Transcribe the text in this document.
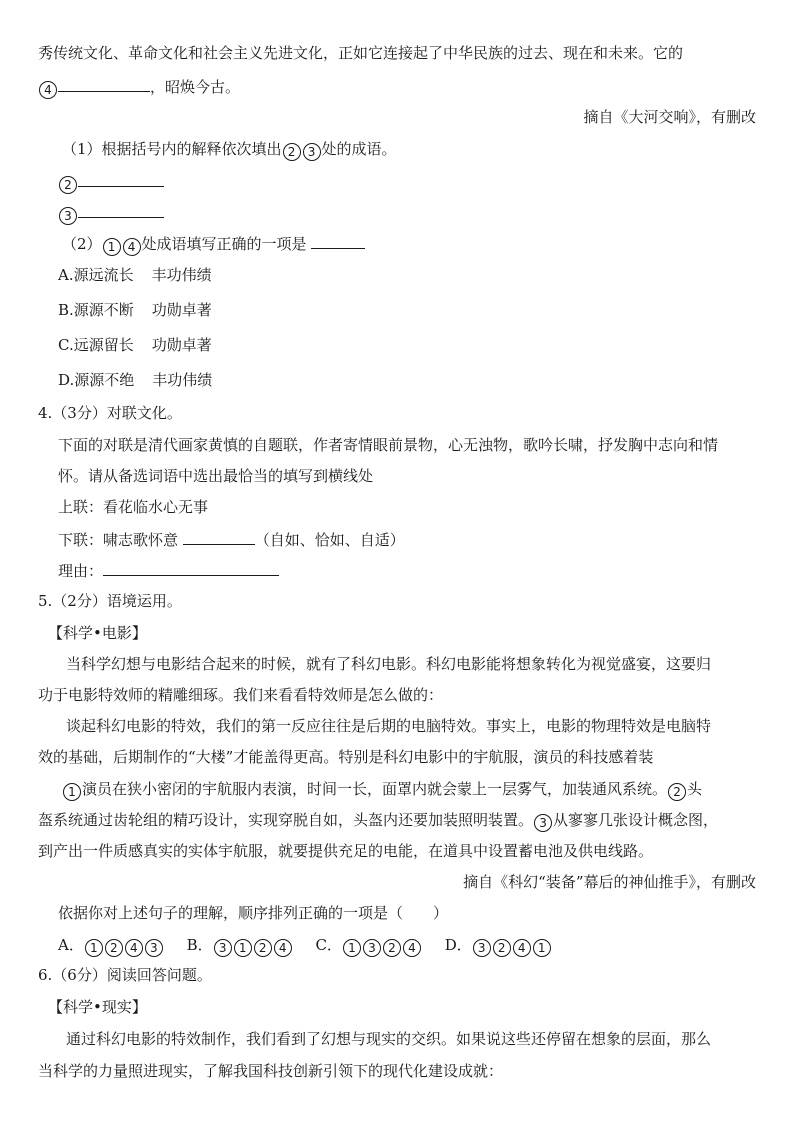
秀传统文化、革命文化和社会主义先进文化，正如它连接起了中华民族的过去、现在和未来。它的
4	，昭焕今古。
摘自《大河交响》，有删改
（1）根据括号内的解释依次填出 2 3 处的成语。
2
3
（2） 1 4 处成语填写正确的一项是
A.源远流长 丰功伟绩
B.源源不断 功勋卓著
C.远源留长 功勋卓著
D.源源不绝 丰功伟绩
4.（3分）对联文化。
下面的对联是清代画家黄慎的自题联，作者寄情眼前景物，心无浊物，歌吟长啸，抒发胸中志向和情
怀。请从备选词语中选出最恰当的填写到横线处
上联：看花临水心无事
下联：啸志歌怀意	（自如、恰如、自适）
理由：
5.（2分）语境运用。
【科学•电影】
当科学幻想与电影结合起来的时候，就有了科幻电影。科幻电影能将想象转化为视觉盛宴，这要归
功于电影特效师的精雕细琢。我们来看看特效师是怎么做的：
谈起科幻电影的特效，我们的第一反应往往是后期的电脑特效。事实上，电影的物理特效是电脑特
效的基础，后期制作的“大楼”才能盖得更高。特别是科幻电影中的宇航服，演员的科技感着装
1 演员在狭小密闭的宇航服内表演，时间一长，面罩内就会蒙上一层雾气，加装通风系统。 2 头
盔系统通过齿轮组的精巧设计，实现穿脱自如，头盔内还要加装照明装置。 3 从寥寥几张设计概念图，
到产出一件质感真实的实体宇航服，就要提供充足的电能，在道具中设置蓄电池及供电线路。
摘自《科幻“装备”幕后的神仙推手》，有删改
依据你对上述句子的理解，顺序排列正确的一项是（　　）
A． 1 2 4 3 B． 3 1 2 4 C． 1 3 2 4 D． 3 2 4 1
6.（6分）阅读回答问题。
【科学•现实】
通过科幻电影的特效制作，我们看到了幻想与现实的交织。如果说这些还停留在想象的层面，那么
当科学的力量照进现实，了解我国科技创新引领下的现代化建设成就：
